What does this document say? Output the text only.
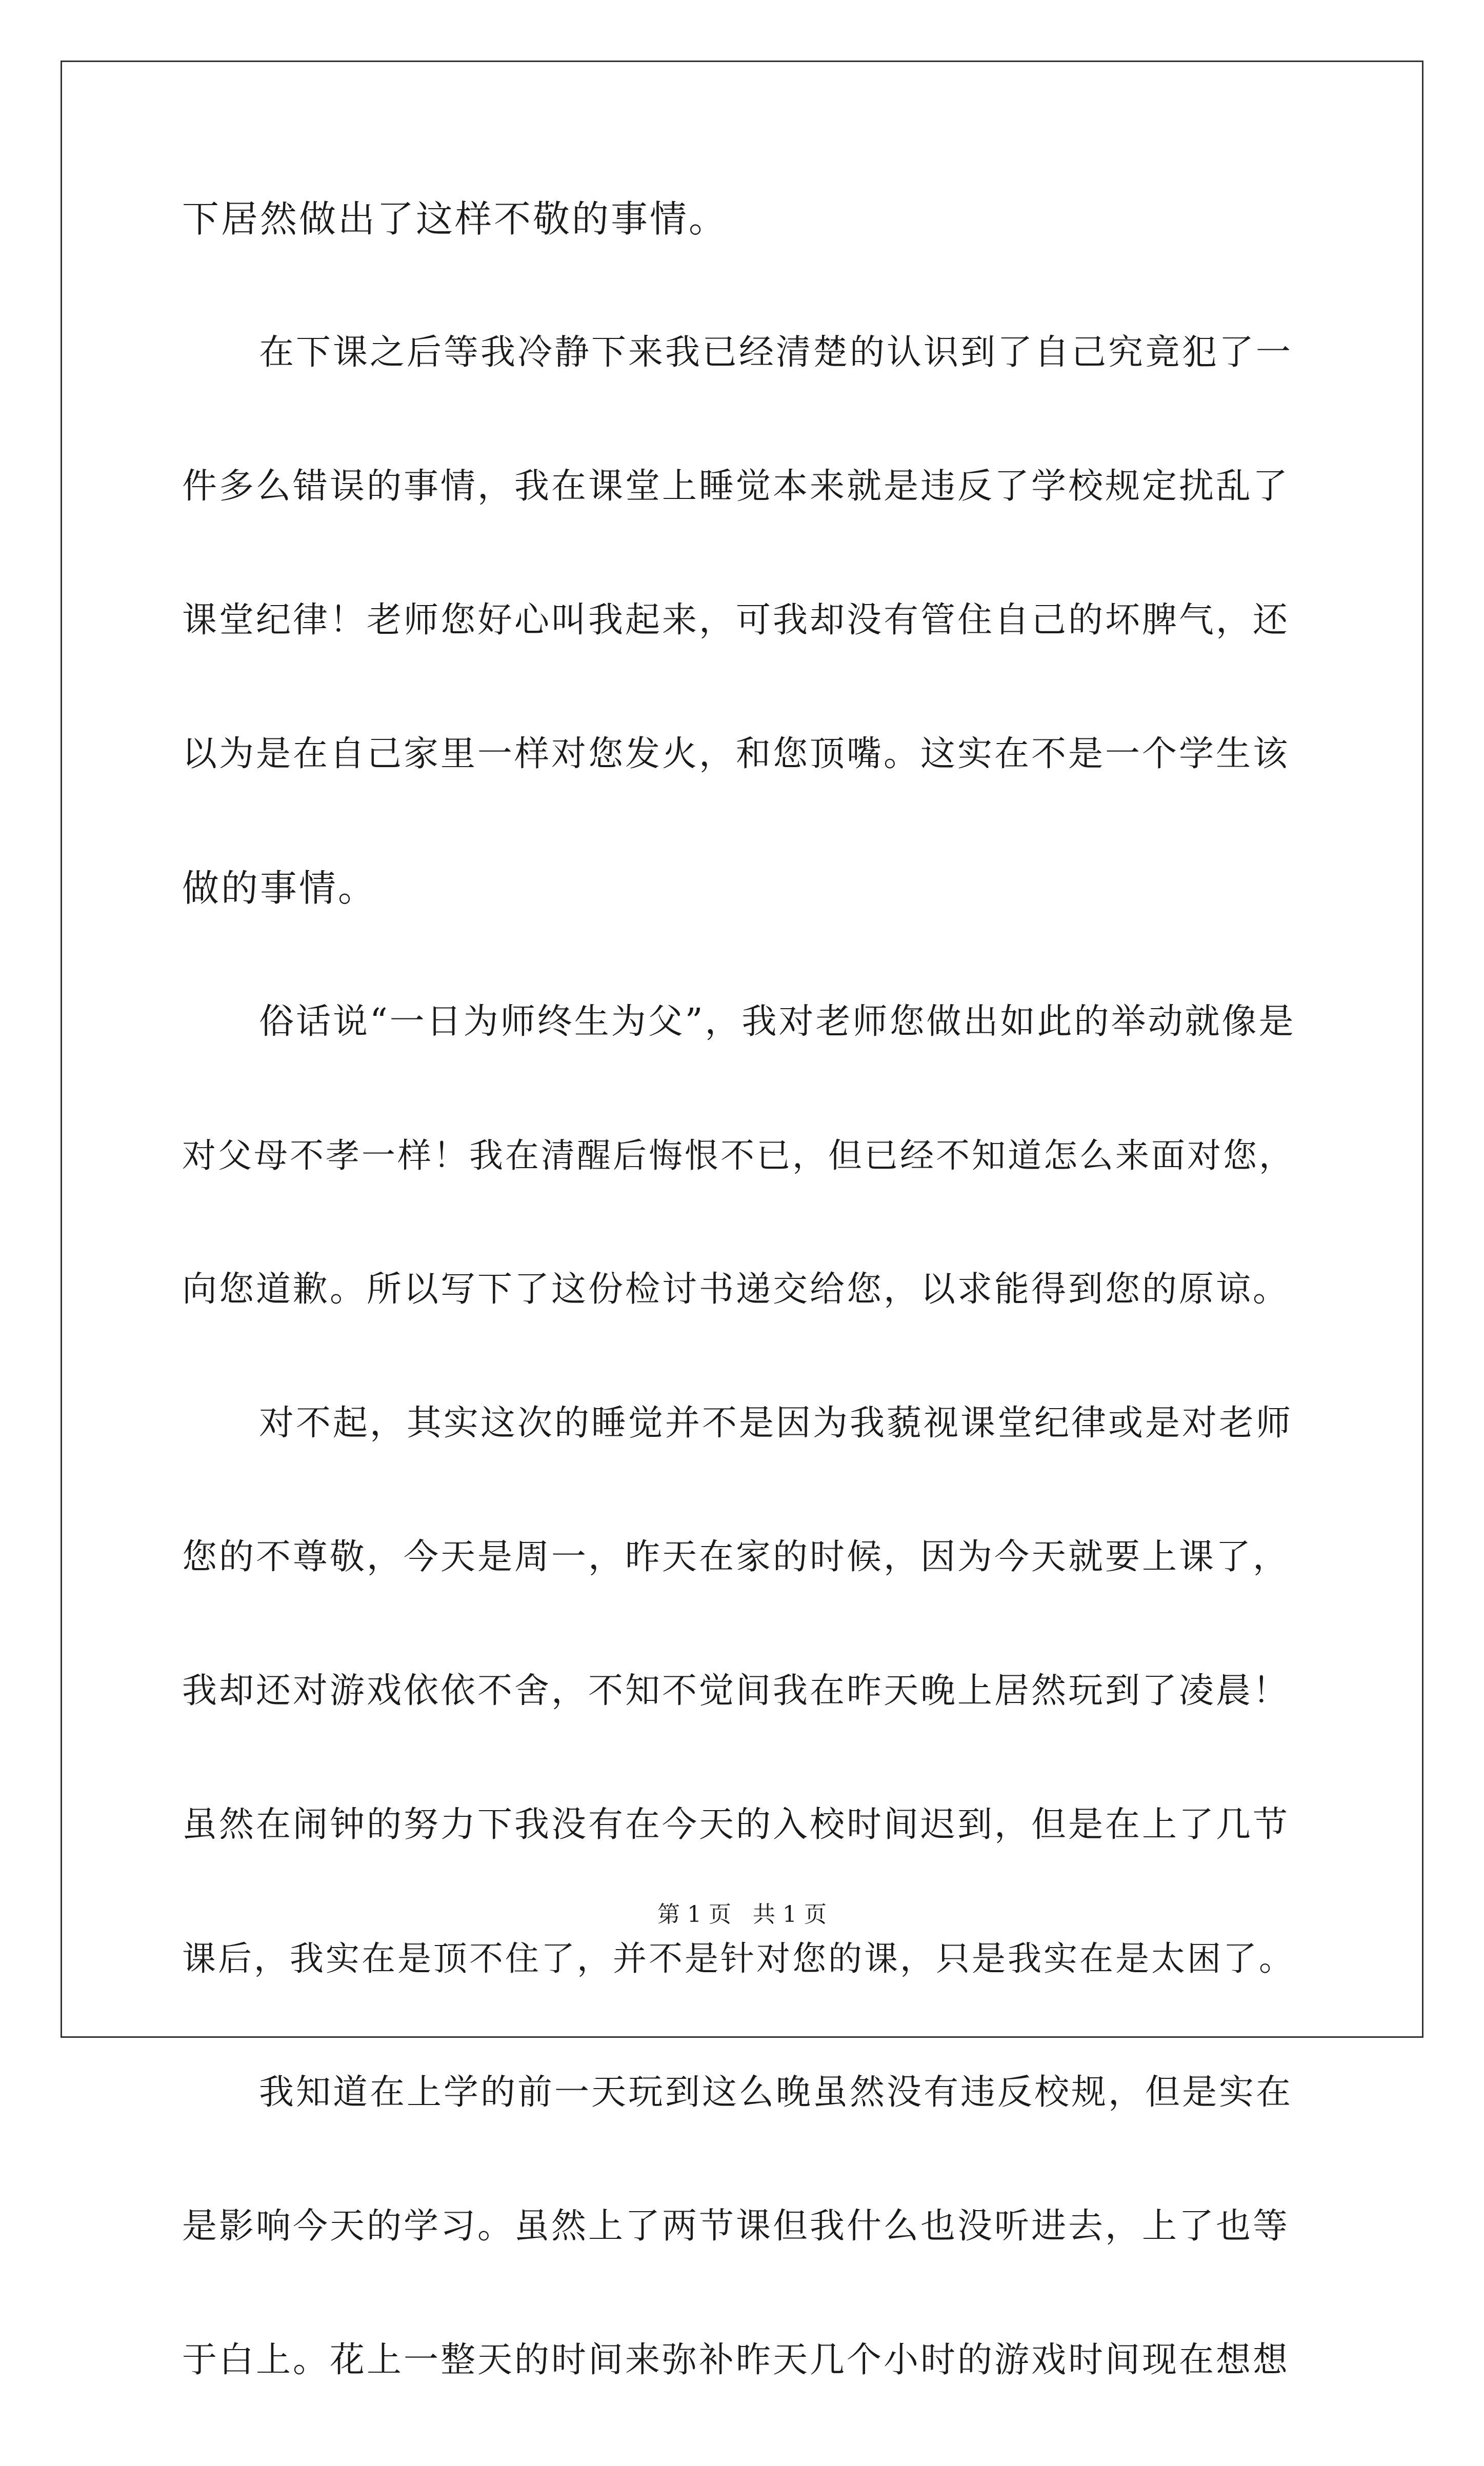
下居然做出了这样不敬的事情。
在下课之后等我冷静下来我已经清楚的认识到了自己究竟犯了一
件多么错误的事情，我在课堂上睡觉本来就是违反了学校规定扰乱了
课堂纪律！老师您好心叫我起来，可我却没有管住自己的坏脾气，还
以为是在自己家里一样对您发火，和您顶嘴。这实在不是一个学生该
做的事情。
俗话说“一日为师终生为父”，我对老师您做出如此的举动就像是
对父母不孝一样！我在清醒后悔恨不已，但已经不知道怎么来面对您，
向您道歉。所以写下了这份检讨书递交给您，以求能得到您的原谅。
对不起，其实这次的睡觉并不是因为我藐视课堂纪律或是对老师
您的不尊敬，今天是周一，昨天在家的时候，因为今天就要上课了，
我却还对游戏依依不舍，不知不觉间我在昨天晚上居然玩到了凌晨！
虽然在闹钟的努力下我没有在今天的入校时间迟到，但是在上了几节
课后，我实在是顶不住了，并不是针对您的课，只是我实在是太困了。
我知道在上学的前一天玩到这么晚虽然没有违反校规，但是实在
是影响今天的学习。虽然上了两节课但我什么也没听进去，上了也等
于白上。花上一整天的时间来弥补昨天几个小时的游戏时间现在想想
第 1 页   共 1 页
